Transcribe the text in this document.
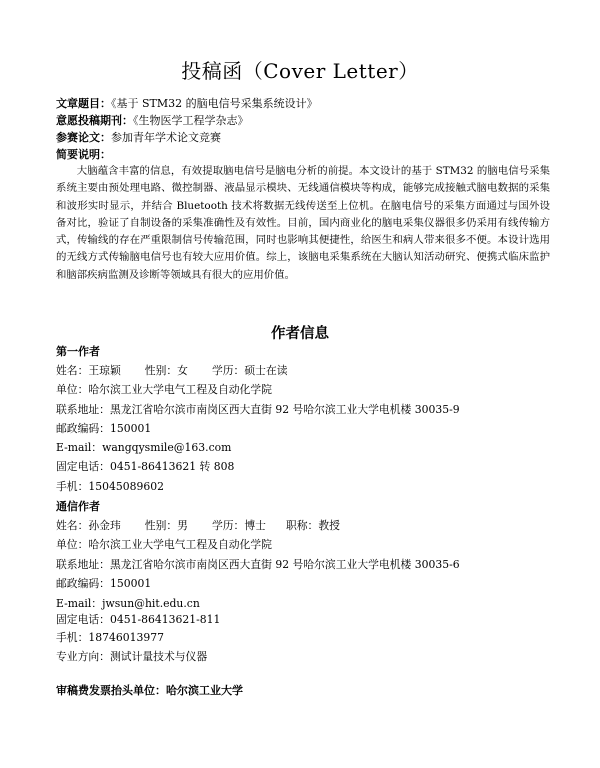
投稿函（Cover Letter）
文章题目：《基于 STM32 的脑电信号采集系统设计》
意愿投稿期刊：《生物医学工程学杂志》
参赛论文：参加青年学术论文竞赛
简要说明：

大脑蕴含丰富的信息，有效提取脑电信号是脑电分析的前提。本文设计的基于 STM32 的脑电信号采集系统主要由预处理电路、微控制器、液晶显示模块、无线通信模块等构成，能够完成接触式脑电数据的采集和波形实时显示，并结合 Bluetooth 技术将数据无线传送至上位机。在脑电信号的采集方面通过与国外设备对比，验证了自制设备的采集准确性及有效性。目前，国内商业化的脑电采集仪器很多仍采用有线传输方式，传输线的存在严重限制信号传输范围，同时也影响其便捷性，给医生和病人带来很多不便。本设计选用的无线方式传输脑电信号也有较大应用价值。综上，该脑电采集系统在大脑认知活动研究、便携式临床监护和脑部疾病监测及诊断等领域具有很大的应用价值。

作者信息
第一作者
姓名：王琼颖 性别：女 学历：硕士在读
单位：哈尔滨工业大学电气工程及自动化学院
联系地址：黑龙江省哈尔滨市南岗区西大直街 92 号哈尔滨工业大学电机楼 30035-9
邮政编码：150001
E-mail：wangqysmile@163.com
固定电话：0451-86413621 转 808
手机：15045089602
通信作者
姓名：孙金玮 性别：男 学历：博士 职称：教授
单位：哈尔滨工业大学电气工程及自动化学院
联系地址：黑龙江省哈尔滨市南岗区西大直街 92 号哈尔滨工业大学电机楼 30035-6
邮政编码：150001
E-mail：jwsun@hit.edu.cn
固定电话：0451-86413621-811
手机：18746013977
专业方向：测试计量技术与仪器
审稿费发票抬头单位：哈尔滨工业大学
